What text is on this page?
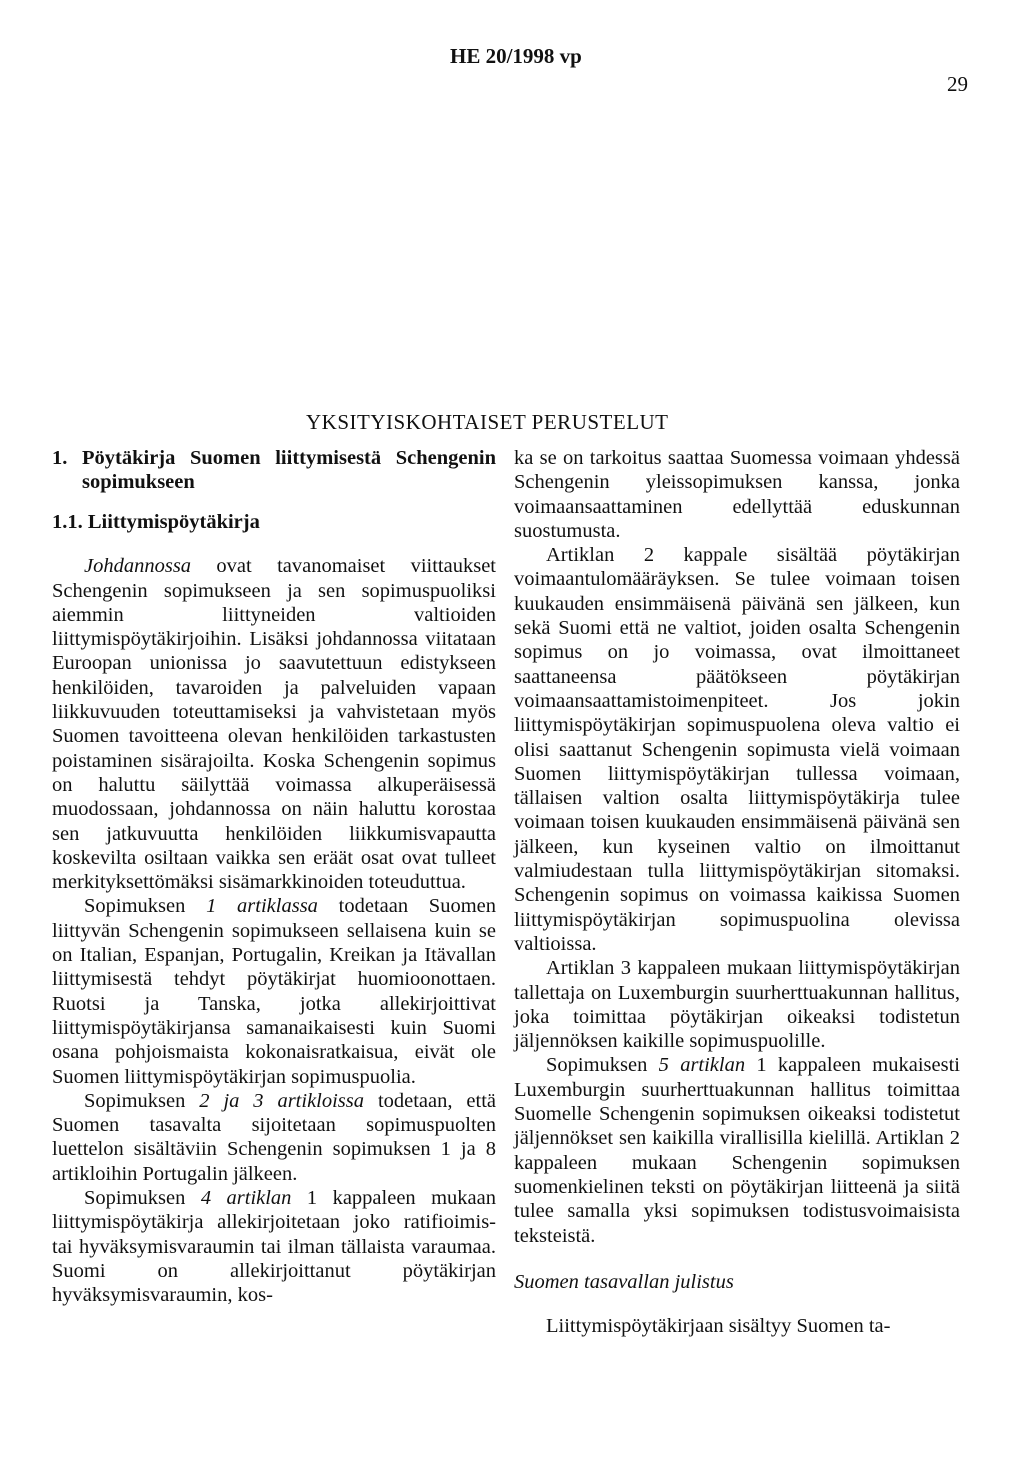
HE 20/1998 vp
29
YKSITYISKOHTAISET PERUSTELUT
1. Pöytäkirja Suomen liittymisestä Schengenin sopimukseen
1.1. Liittymispöytäkirja

Johdannossa ovat tavanomaiset viittaukset Schengenin sopimukseen ja sen sopimuspuoliksi aiemmin liittyneiden valtioiden liittymispöytäkirjoihin. Lisäksi johdannossa viitataan Euroopan unionissa jo saavutettuun edistykseen henkilöiden, tavaroiden ja palveluiden vapaan liikkuvuuden toteuttamiseksi ja vahvistetaan myös Suomen tavoitteena olevan henkilöiden tarkastusten poistaminen sisärajoilta. Koska Schengenin sopimus on haluttu säilyttää voimassa alkuperäisessä muodossaan, johdannossa on näin haluttu korostaa sen jatkuvuutta henkilöiden liikkumisvapautta koskevilta osiltaan vaikka sen eräät osat ovat tulleet merkityksettömäksi sisämarkkinoiden toteuduttua.

Sopimuksen 1 artiklassa todetaan Suomen liittyvän Schengenin sopimukseen sellaisena kuin se on Italian, Espanjan, Portugalin, Kreikan ja Itävallan liittymisestä tehdyt pöytäkirjat huomioonottaen. Ruotsi ja Tanska, jotka allekirjoittivat liittymispöytäkirjansa samanaikaisesti kuin Suomi osana pohjoismaista kokonaisratkaisua, eivät ole Suomen liittymispöytäkirjan sopimuspuolia.

Sopimuksen 2 ja 3 artikloissa todetaan, että Suomen tasavalta sijoitetaan sopimuspuolten luettelon sisältäviin Schengenin sopimuksen 1 ja 8 artikloihin Portugalin jälkeen.

Sopimuksen 4 artiklan 1 kappaleen mukaan liittymispöytäkirja allekirjoitetaan joko ratifioimis- tai hyväksymisvaraumin tai ilman tällaista varaumaa. Suomi on allekirjoittanut pöytäkirjan hyväksymisvaraumin, kos-

ka se on tarkoitus saattaa Suomessa voimaan yhdessä Schengenin yleissopimuksen kanssa, jonka voimaansaattaminen edellyttää eduskunnan suostumusta.

Artiklan 2 kappale sisältää pöytäkirjan voimaantulomääräyksen. Se tulee voimaan toisen kuukauden ensimmäisenä päivänä sen jälkeen, kun sekä Suomi että ne valtiot, joiden osalta Schengenin sopimus on jo voimassa, ovat ilmoittaneet saattaneensa päätökseen pöytäkirjan voimaansaattamistoimenpiteet. Jos jokin liittymispöytäkirjan sopimuspuolena oleva valtio ei olisi saattanut Schengenin sopimusta vielä voimaan Suomen liittymispöytäkirjan tullessa voimaan, tällaisen valtion osalta liittymispöytäkirja tulee voimaan toisen kuukauden ensimmäisenä päivänä sen jälkeen, kun kyseinen valtio on ilmoittanut valmiudestaan tulla liittymispöytäkirjan sitomaksi. Schengenin sopimus on voimassa kaikissa Suomen liittymispöytäkirjan sopimuspuolina olevissa valtioissa.

Artiklan 3 kappaleen mukaan liittymispöytäkirjan tallettaja on Luxemburgin suurherttuakunnan hallitus, joka toimittaa pöytäkirjan oikeaksi todistetun jäljennöksen kaikille sopimuspuolille.

Sopimuksen 5 artiklan 1 kappaleen mukaisesti Luxemburgin suurherttuakunnan hallitus toimittaa Suomelle Schengenin sopimuksen oikeaksi todistetut jäljennökset sen kaikilla virallisilla kielillä. Artiklan 2 kappaleen mukaan Schengenin sopimuksen suomenkielinen teksti on pöytäkirjan liitteenä ja siitä tulee samalla yksi sopimuksen todistusvoimaisista teksteistä.

Suomen tasavallan julistus

Liittymispöytäkirjaan sisältyy Suomen ta-
